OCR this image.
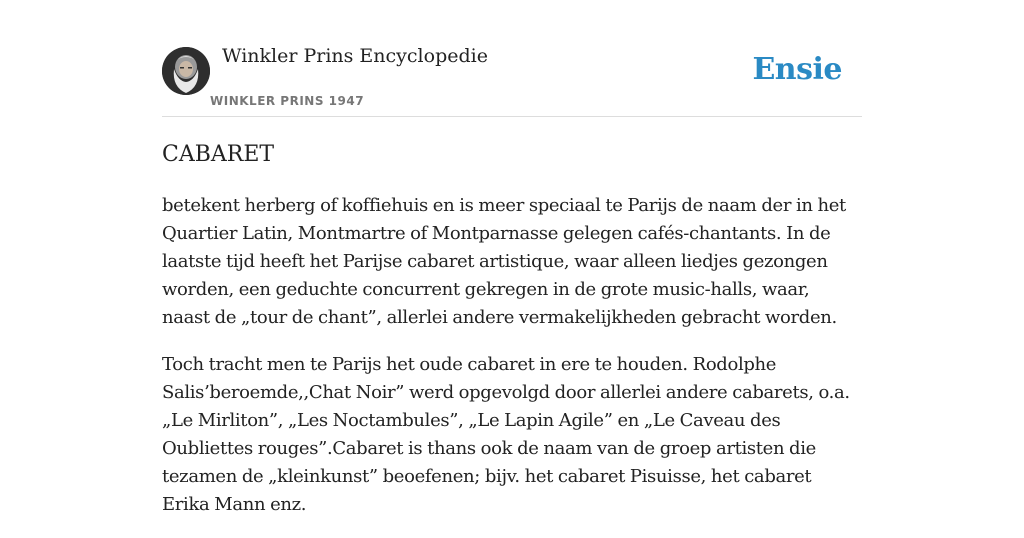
Winkler Prins Encyclopedie
WINKLER PRINS 1947
Ensie
CABARET

betekent herberg of koffiehuis en is meer speciaal te Parijs de naam der in het Quartier Latin, Montmartre of Montparnasse gelegen cafés-chantants. In de laatste tijd heeft het Parijse cabaret artistique, waar alleen liedjes gezongen worden, een geduchte concurrent gekregen in de grote music-halls, waar, naast de „tour de chant”, allerlei andere vermakelijkheden gebracht worden.

Toch tracht men te Parijs het oude cabaret in ere te houden. Rodolphe Salis’beroemde,,Chat Noir” werd opgevolgd door allerlei andere cabarets, o.a. „Le Mirliton”, „Les Noctambules”, „Le Lapin Agile” en „Le Caveau des Oubliettes rouges”.Cabaret is thans ook de naam van de groep artisten die tezamen de „kleinkunst” beoefenen; bijv. het cabaret Pisuisse, het cabaret Erika Mann enz.
